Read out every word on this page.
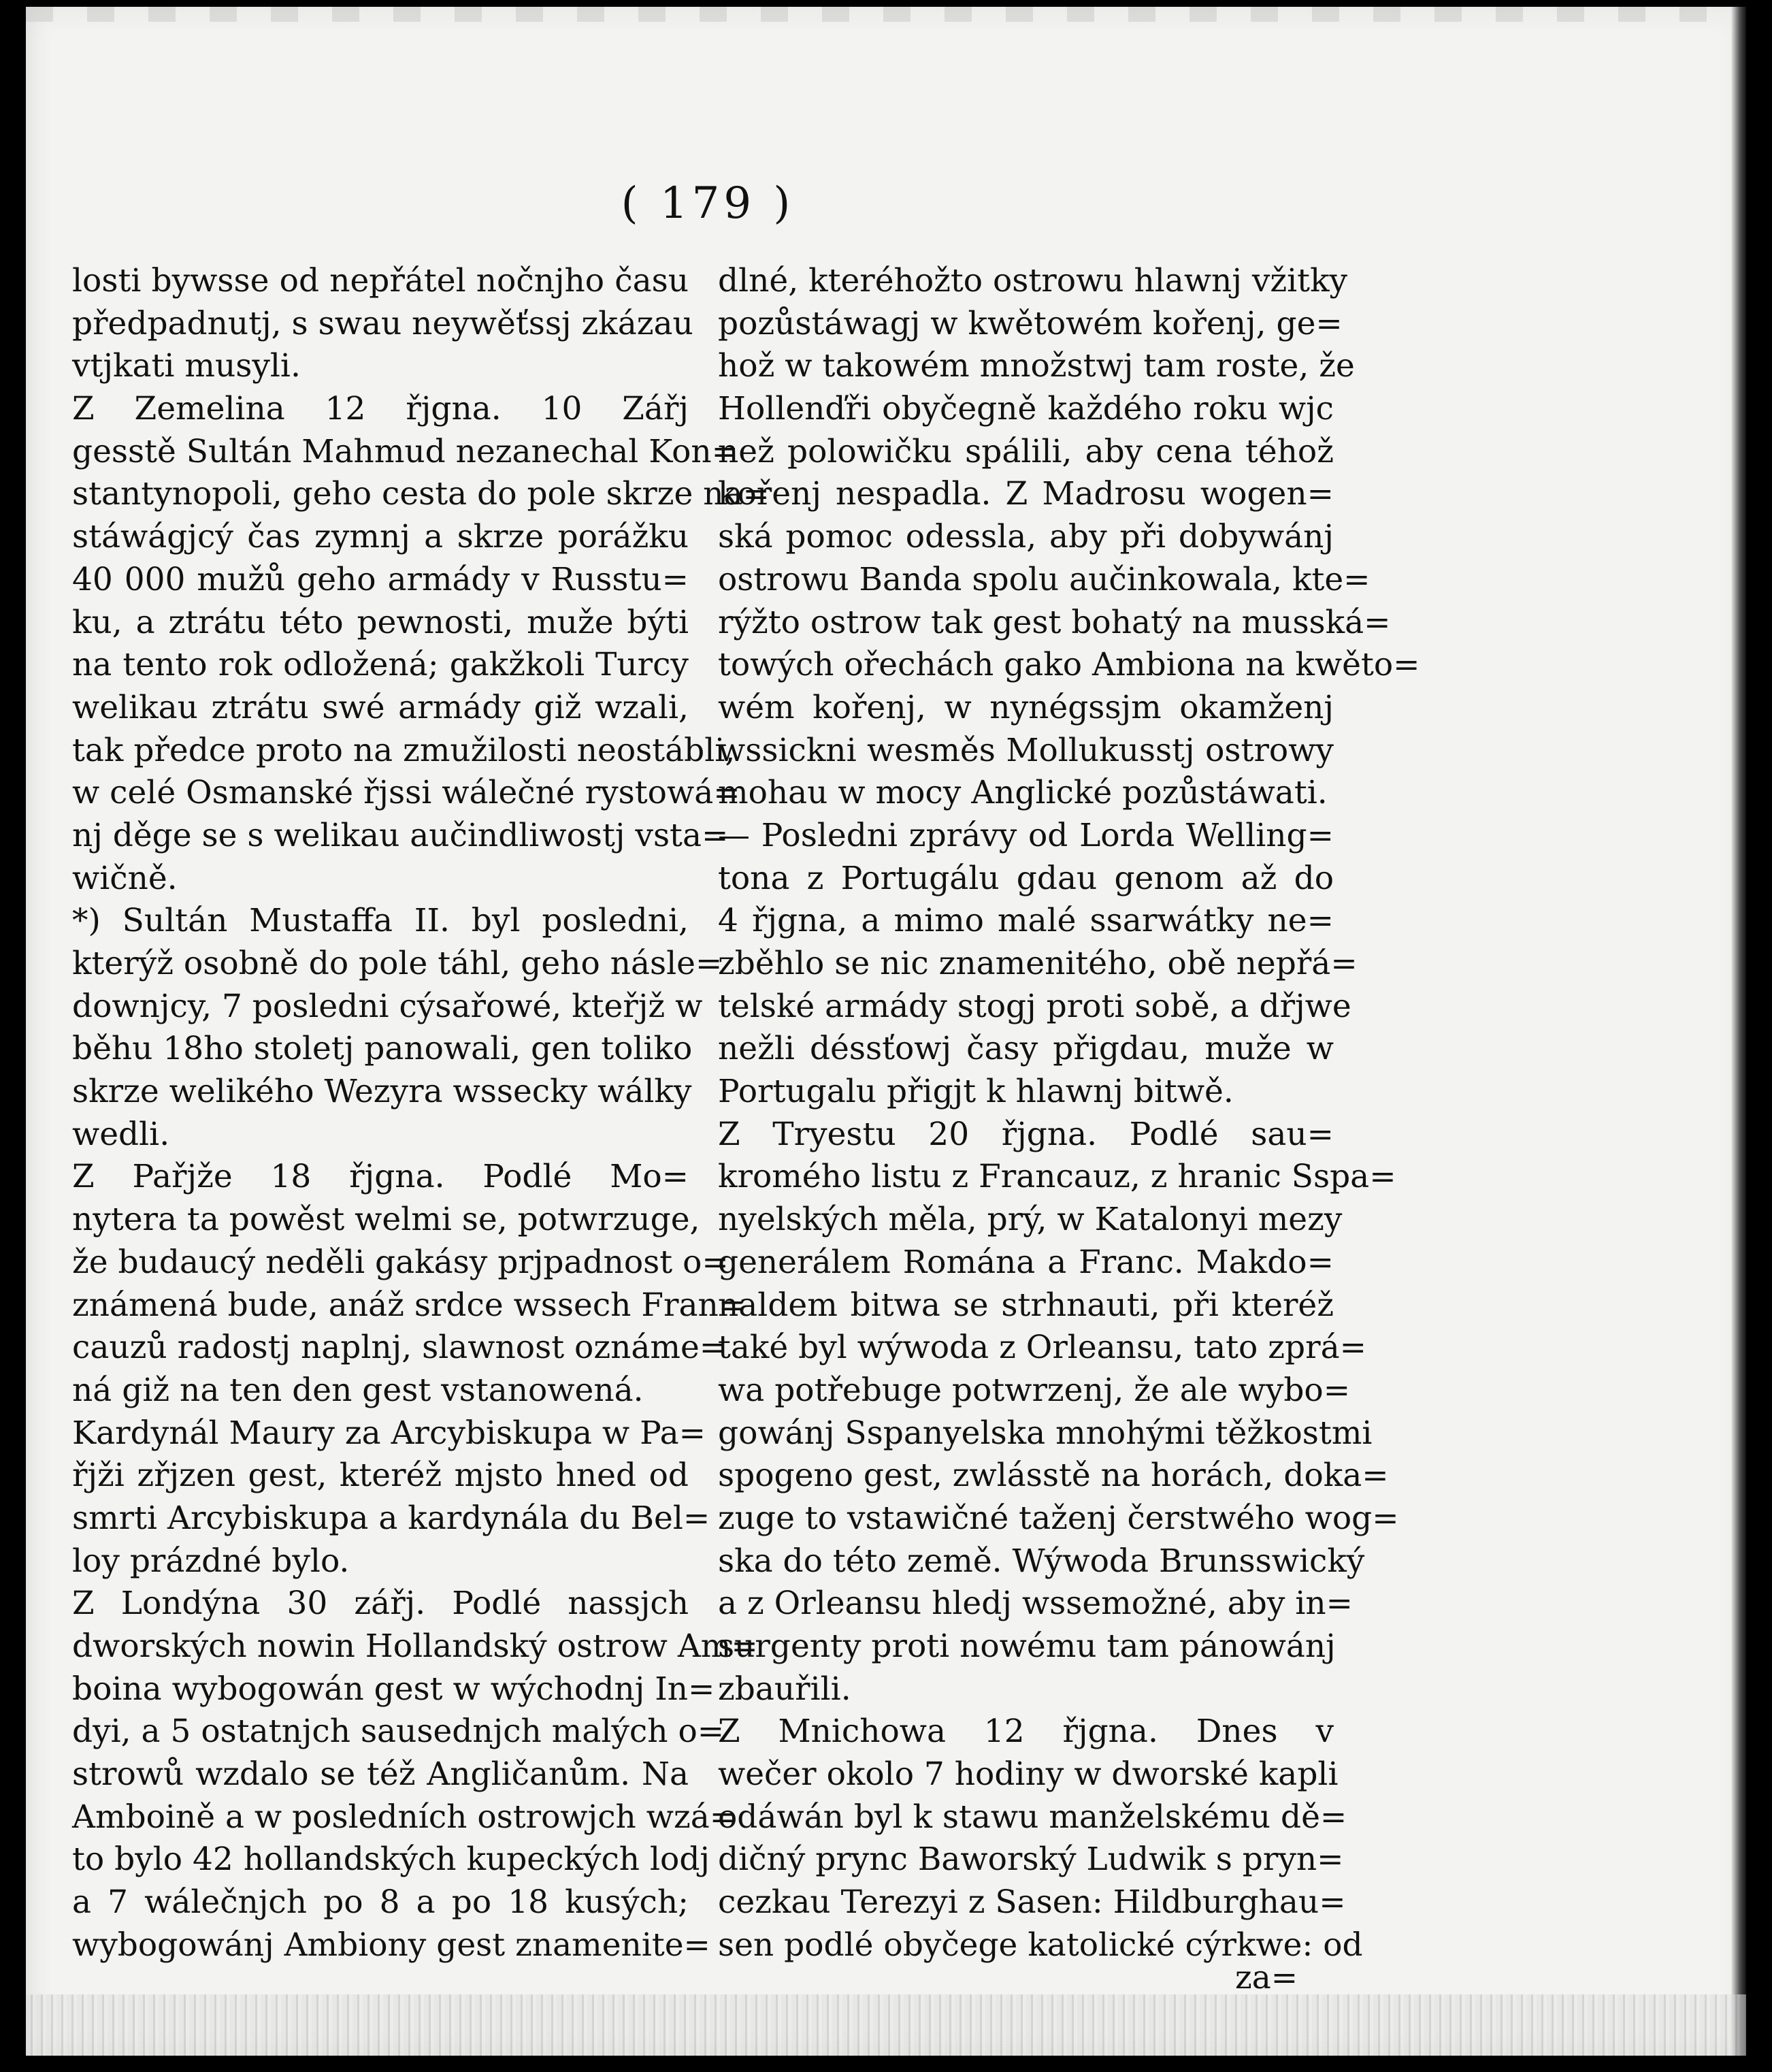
( 179 )
losti bywsse od nepřátel nočnjho času
předpadnutj, s swau neywěťssj zkázau
vtjkati musyli.
Z Zemelina 12 řjgna. 10 Zářj
gesstě Sultán Mahmud nezanechal Kon=
stantynopoli, geho cesta do pole skrze na=
stáwágjcý čas zymnj a skrze porážku
40 000 mužů geho armády v Russtu=
ku, a ztrátu této pewnosti, muže býti
na tento rok odložená; gakžkoli Turcy
welikau ztrátu swé armády giž wzali,
tak předce proto na zmužilosti neostábli,
w celé Osmanské řjssi wálečné rystowá=
nj děge se s welikau aučindliwostj vsta=
wičně.
*) Sultán Mustaffa II. byl posledni,
kterýž osobně do pole táhl, geho násle=
downjcy, 7 posledni cýsařowé, kteřjž w
běhu 18ho stoletj panowali, gen toliko
skrze welikého Wezyra wssecky wálky
wedli.
Z Pařjže 18 řjgna. Podlé Mo=
nytera ta powěst welmi se, potwrzuge,
že budaucý neděli gakásy prjpadnost o=
známená bude, anáž srdce wssech Fran=
cauzů radostj naplnj, slawnost oznáme=
ná giž na ten den gest vstanowená.
Kardynál Maury za Arcybiskupa w Pa=
řjži zřjzen gest, kteréž mjsto hned od
smrti Arcybiskupa a kardynála du Bel=
loy prázdné bylo.
Z Londýna 30 zářj. Podlé nassjch
dworských nowin Hollandský ostrow Am=
boina wybogowán gest w wýchodnj In=
dyi, a 5 ostatnjch sausednjch malých o=
strowů wzdalo se též Angličanům. Na
Amboině a w posledních ostrowjch wzá=
to bylo 42 hollandských kupeckých lodj
a 7 wálečnjch po 8 a po 18 kusých;
wybogowánj Ambiony gest znamenite=
dlné, kteréhožto ostrowu hlawnj vžitky
pozůstáwagj w kwětowém kořenj, ge=
hož w takowém množstwj tam roste, že
Hollenďři obyčegně každého roku wjc
než polowičku spálili, aby cena téhož
kořenj nespadla. Z Madrosu wogen=
ská pomoc odessla, aby při dobywánj
ostrowu Banda spolu aučinkowala, kte=
rýžto ostrow tak gest bohatý na musská=
towých ořechách gako Ambiona na kwěto=
wém kořenj, w nynégssjm okamženj
wssickni wesměs Mollukusstj ostrowy
mohau w mocy Anglické pozůstáwati.
— Posledni zprávy od Lorda Welling=
tona z Portugálu gdau genom až do
4 řjgna, a mimo malé ssarwátky ne=
zběhlo se nic znamenitého, obě nepřá=
telské armády stogj proti sobě, a dřjwe
nežli déssťowj časy přigdau, muže w
Portugalu přigjt k hlawnj bitwě.
Z Tryestu 20 řjgna. Podlé sau=
kromého listu z Francauz, z hranic Sspa=
nyelských měla, prý, w Katalonyi mezy
generálem Romána a Franc. Makdo=
naldem bitwa se strhnauti, při kteréž
také byl wýwoda z Orleansu, tato zprá=
wa potřebuge potwrzenj, že ale wybo=
gowánj Sspanyelska mnohými těžkostmi
spogeno gest, zwlásstě na horách, doka=
zuge to vstawičné taženj čerstwého wog=
ska do této země. Wýwoda Brunsswický
a z Orleansu hledj wssemožné, aby in=
surgenty proti nowému tam pánowánj
zbauřili.
Z Mnichowa 12 řjgna. Dnes v
wečer okolo 7 hodiny w dworské kapli
odáwán byl k stawu manželskému dě=
dičný prync Baworský Ludwik s pryn=
cezkau Terezyi z Sasen: Hildburghau=
sen podlé obyčege katolické cýrkwe: od
za=
